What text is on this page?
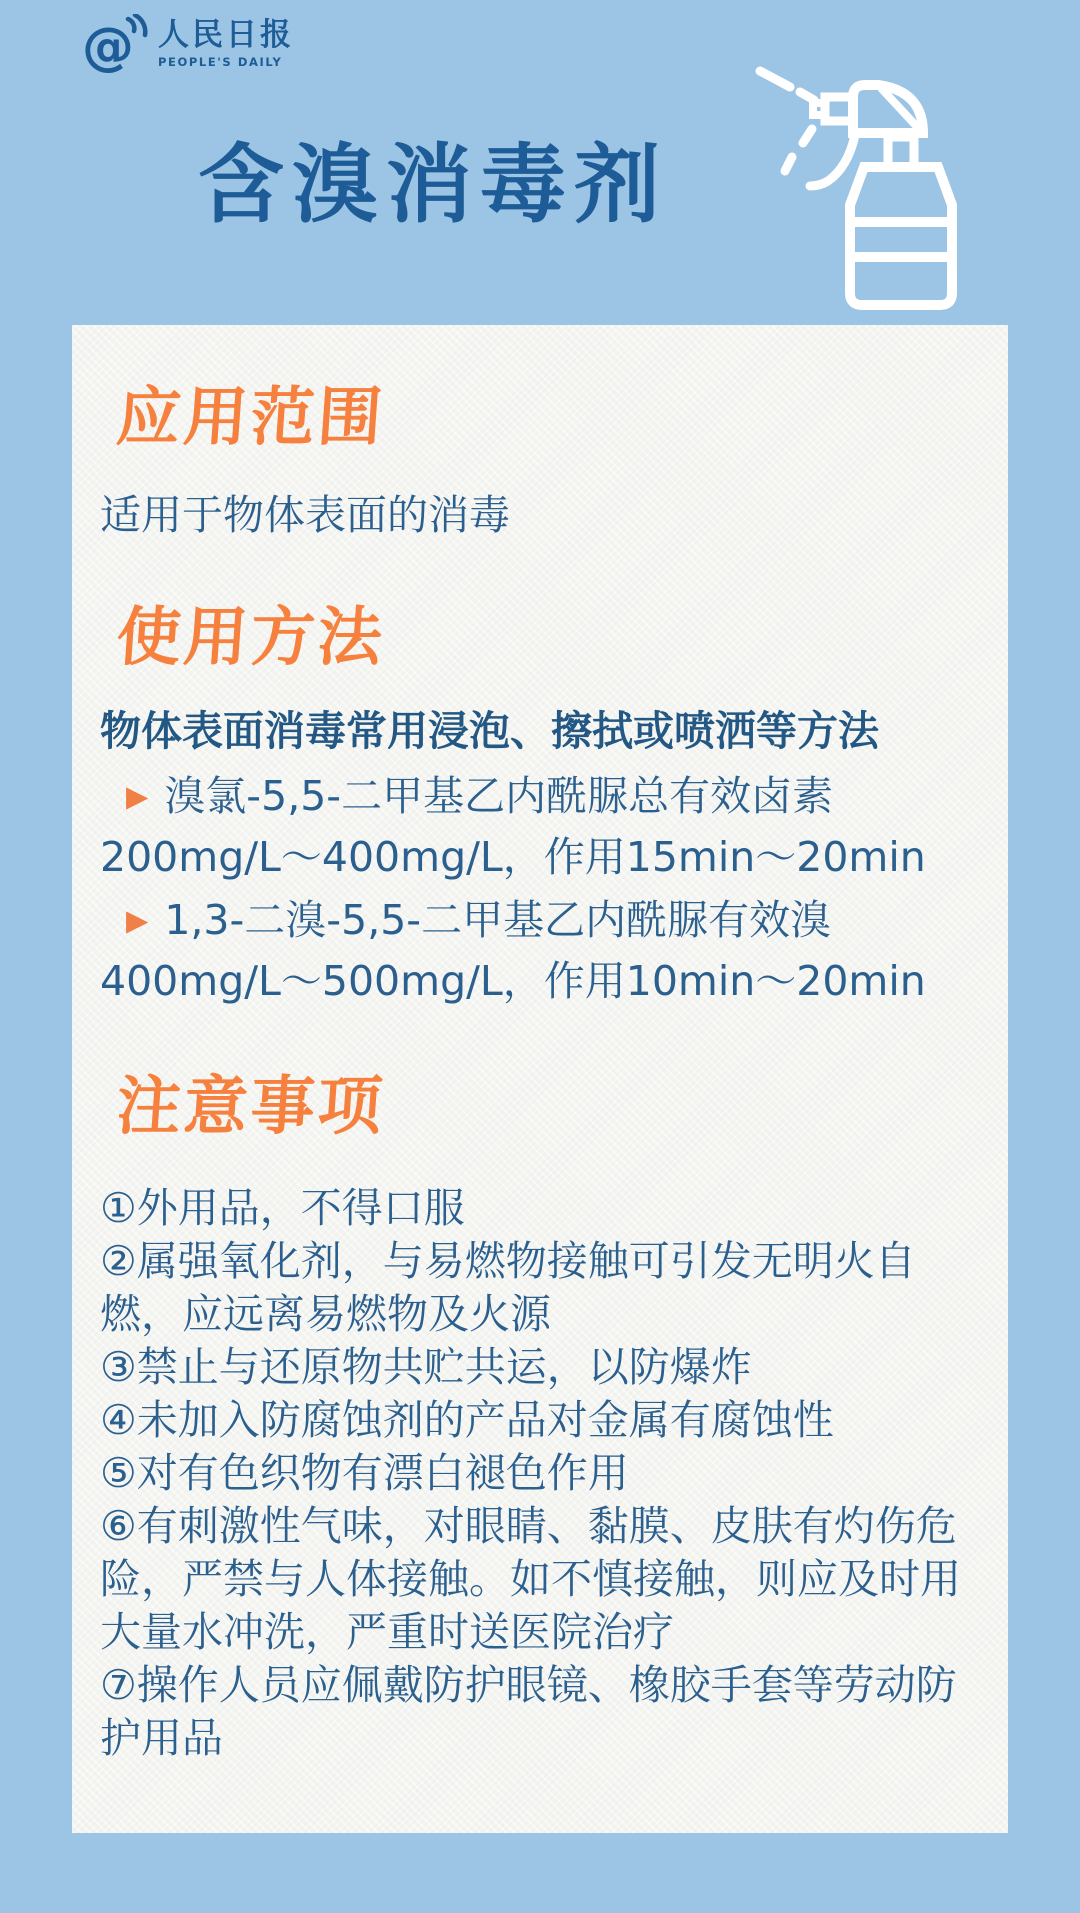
@ 人民日报
PEOPLE'S DAILY
含溴消毒剂
应用范围

适用于物体表面的消毒

使用方法

物体表面消毒常用浸泡、擦拭或喷洒等方法

▶ 溴氯-5,5-二甲基乙内酰脲总有效卤素200mg/L～400mg/L，作用15min～20min

▶ 1,3-二溴-5,5-二甲基乙内酰脲有效溴400mg/L～500mg/L，作用10min～20min

注意事项

①外用品，不得口服

②属强氧化剂，与易燃物接触可引发无明火自燃，应远离易燃物及火源

③禁止与还原物共贮共运，以防爆炸

④未加入防腐蚀剂的产品对金属有腐蚀性

⑤对有色织物有漂白褪色作用

⑥有刺激性气味，对眼睛、黏膜、皮肤有灼伤危险，严禁与人体接触。如不慎接触，则应及时用大量水冲洗，严重时送医院治疗

⑦操作人员应佩戴防护眼镜、橡胶手套等劳动防护用品
